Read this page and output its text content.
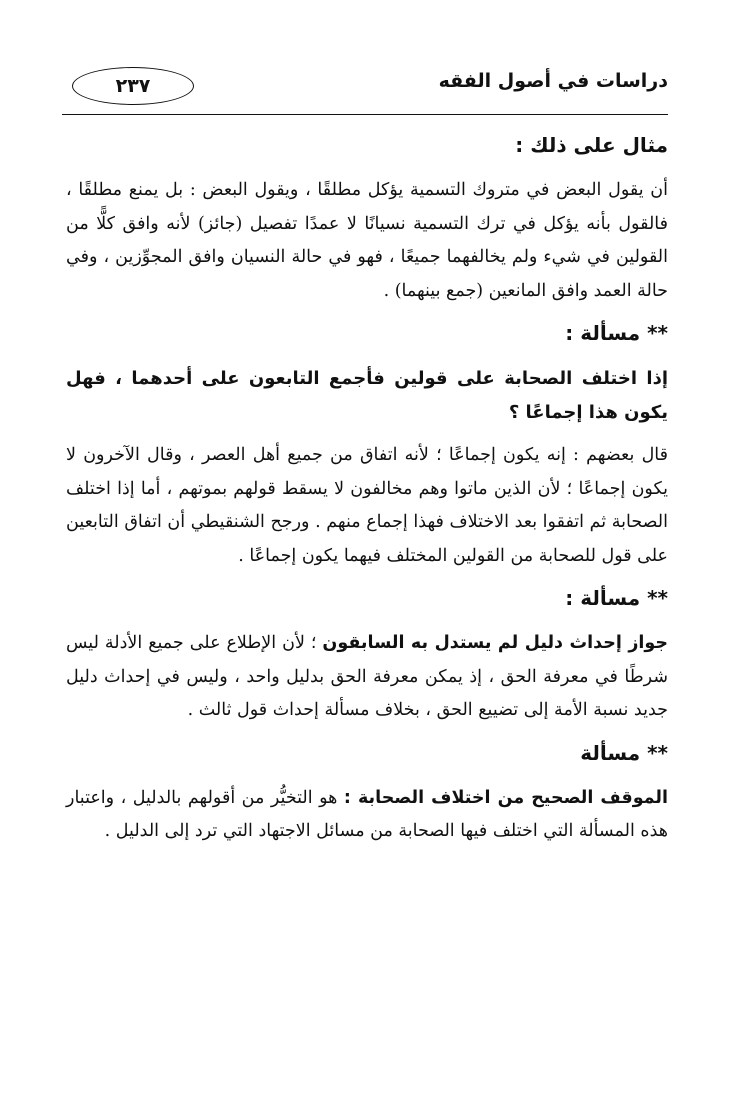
دراسات في أصول الفقه
٢٣٧
مثال على ذلك :

أن يقول البعض في متروك التسمية يؤكل مطلقًا ، ويقول البعض : بل يمنع مطلقًا ، فالقول بأنه يؤكل في ترك التسمية نسيانًا لا عمدًا تفصيل (جائز) لأنه وافق كلًّا من القولين في شيء ولم يخالفهما جميعًا ، فهو في حالة النسيان وافق المجوِّزين ، وفي حالة العمد وافق المانعين (جمع بينهما) .

** مسألة :

إذا اختلف الصحابة على قولين فأجمع التابعون على أحدهما ، فهل يكون هذا إجماعًا ؟

قال بعضهم : إنه يكون إجماعًا ؛ لأنه اتفاق من جميع أهل العصر ، وقال الآخرون لا يكون إجماعًا ؛ لأن الذين ماتوا وهم مخالفون لا يسقط قولهم بموتهم ، أما إذا اختلف الصحابة ثم اتفقوا بعد الاختلاف فهذا إجماع منهم . ورجح الشنقيطي أن اتفاق التابعين على قول للصحابة من القولين المختلف فيهما يكون إجماعًا .

** مسألة :

جواز إحداث دليل لم يستدل به السابقون ؛ لأن الإطلاع على جميع الأدلة ليس شرطًا في معرفة الحق ، إذ يمكن معرفة الحق بدليل واحد ، وليس في إحداث دليل جديد نسبة الأمة إلى تضييع الحق ، بخلاف مسألة إحداث قول ثالث .

** مسألة

الموقف الصحيح من اختلاف الصحابة : هو التخيُّر من أقولهم بالدليل ، واعتبار هذه المسألة التي اختلف فيها الصحابة من مسائل الاجتهاد التي ترد إلى الدليل .
